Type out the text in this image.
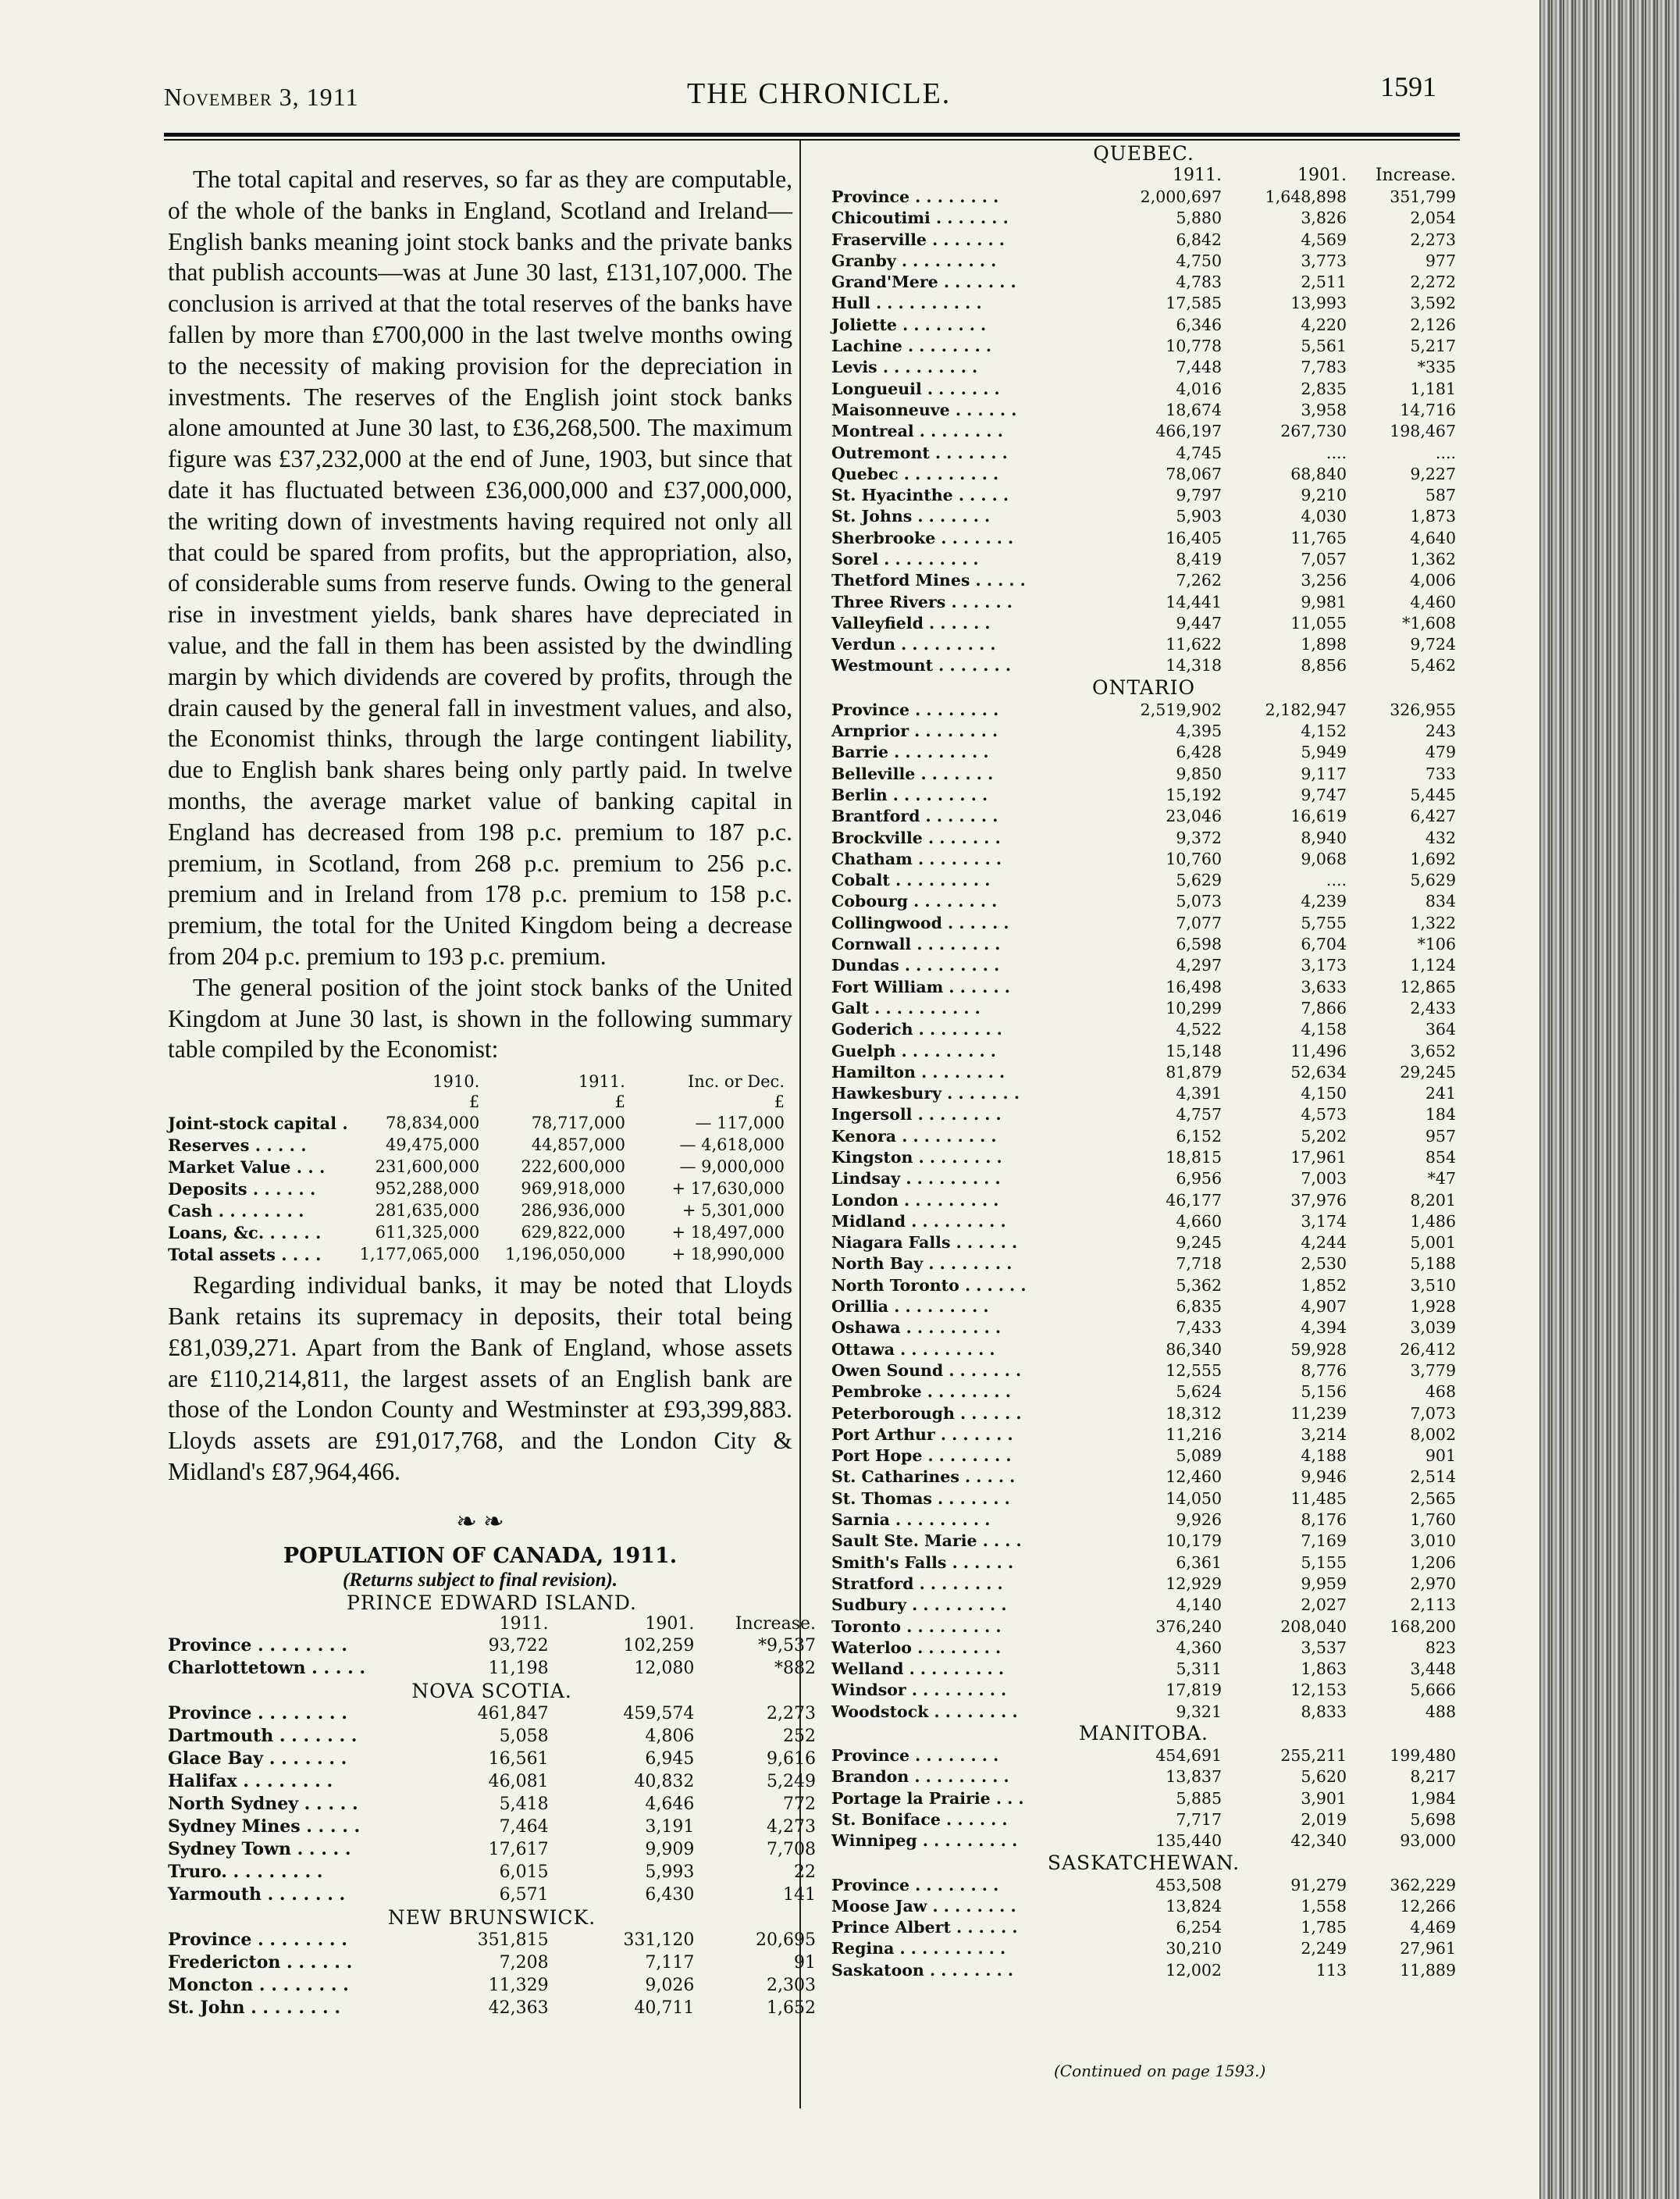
November 3, 1911	THE CHRONICLE.	1591

The total capital and reserves, so far as they are computable, of the whole of the banks in England, Scotland and Ireland—English banks meaning joint stock banks and the private banks that publish accounts—was at June 30 last, £131,107,000. The conclusion is arrived at that the total reserves of the banks have fallen by more than £700,000 in the last twelve months owing to the necessity of making provision for the depreciation in investments. The reserves of the English joint stock banks alone amounted at June 30 last, to £36,268,500. The maximum figure was £37,232,000 at the end of June, 1903, but since that date it has fluctuated between £36,000,000 and £37,000,000, the writing down of investments having required not only all that could be spared from profits, but the appropriation, also, of considerable sums from reserve funds. Owing to the general rise in investment yields, bank shares have depreciated in value, and the fall in them has been assisted by the dwindling margin by which dividends are covered by profits, through the drain caused by the general fall in investment values, and also, the Economist thinks, through the large contingent liability, due to English bank shares being only partly paid. In twelve months, the average market value of banking capital in England has decreased from 198 p.c. premium to 187 p.c. premium, in Scotland, from 268 p.c. premium to 256 p.c. premium and in Ireland from 178 p.c. premium to 158 p.c. premium, the total for the United Kingdom being a decrease from 204 p.c. premium to 193 p.c. premium.

The general position of the joint stock banks of the United Kingdom at June 30 last, is shown in the following summary table compiled by the Economist:

	1910.	1911.	Inc. or Dec.
	£	£	£
Joint-stock capital .	78,834,000	78,717,000	— 117,000
Reserves . . . . .	49,475,000	44,857,000	— 4,618,000
Market Value . . .	231,600,000	222,600,000	— 9,000,000
Deposits . . . . . .	952,288,000	969,918,000	+ 17,630,000
Cash . . . . . . . .	281,635,000	286,936,000	+ 5,301,000
Loans, &c. . . . . .	611,325,000	629,822,000	+ 18,497,000
Total assets . . . .	1,177,065,000	1,196,050,000	+ 18,990,000

Regarding individual banks, it may be noted that Lloyds Bank retains its supremacy in deposits, their total being £81,039,271. Apart from the Bank of England, whose assets are £110,214,811, the largest assets of an English bank are those of the London County and Westminster at £93,399,883. Lloyds assets are £91,017,768, and the London City & Midland's £87,964,466.

❧ ❧

POPULATION OF CANADA, 1911.

(Returns subject to final revision).

PRINCE EDWARD ISLAND.			
	1911.	1901.	Increase.
Province . . . . . . . .	93,722	102,259	*9,537
Charlottetown . . . . .	11,198	12,080	*882
NOVA SCOTIA.			
Province . . . . . . . .	461,847	459,574	2,273
Dartmouth . . . . . . .	5,058	4,806	252
Glace Bay . . . . . . .	16,561	6,945	9,616
Halifax . . . . . . . .	46,081	40,832	5,249
North Sydney . . . . .	5,418	4,646	772
Sydney Mines . . . . .	7,464	3,191	4,273
Sydney Town . . . . .	17,617	9,909	7,708
Truro. . . . . . . . .	6,015	5,993	22
Yarmouth . . . . . . .	6,571	6,430	141
NEW BRUNSWICK.			
Province . . . . . . . .	351,815	331,120	20,695
Fredericton . . . . . .	7,208	7,117	91
Moncton . . . . . . . .	11,329	9,026	2,303
St. John . . . . . . . .	42,363	40,711	1,652
QUEBEC.			
	1911.	1901.	Increase.
Province . . . . . . . .	2,000,697	1,648,898	351,799
Chicoutimi . . . . . . .	5,880	3,826	2,054
Fraserville . . . . . . .	6,842	4,569	2,273
Granby . . . . . . . . .	4,750	3,773	977
Grand'Mere . . . . . . .	4,783	2,511	2,272
Hull . . . . . . . . . .	17,585	13,993	3,592
Joliette . . . . . . . .	6,346	4,220	2,126
Lachine . . . . . . . .	10,778	5,561	5,217
Levis . . . . . . . . .	7,448	7,783	*335
Longueuil . . . . . . .	4,016	2,835	1,181
Maisonneuve . . . . . .	18,674	3,958	14,716
Montreal . . . . . . . .	466,197	267,730	198,467
Outremont . . . . . . .	4,745	....	....
Quebec . . . . . . . . .	78,067	68,840	9,227
St. Hyacinthe . . . . .	9,797	9,210	587
St. Johns . . . . . . .	5,903	4,030	1,873
Sherbrooke . . . . . . .	16,405	11,765	4,640
Sorel . . . . . . . . .	8,419	7,057	1,362
Thetford Mines . . . . .	7,262	3,256	4,006
Three Rivers . . . . . .	14,441	9,981	4,460
Valleyfield . . . . . .	9,447	11,055	*1,608
Verdun . . . . . . . . .	11,622	1,898	9,724
Westmount . . . . . . .	14,318	8,856	5,462
ONTARIO			
Province . . . . . . . .	2,519,902	2,182,947	326,955
Arnprior . . . . . . . .	4,395	4,152	243
Barrie . . . . . . . . .	6,428	5,949	479
Belleville . . . . . . .	9,850	9,117	733
Berlin . . . . . . . . .	15,192	9,747	5,445
Brantford . . . . . . .	23,046	16,619	6,427
Brockville . . . . . . .	9,372	8,940	432
Chatham . . . . . . . .	10,760	9,068	1,692
Cobalt . . . . . . . . .	5,629	....	5,629
Cobourg . . . . . . . .	5,073	4,239	834
Collingwood . . . . . .	7,077	5,755	1,322
Cornwall . . . . . . . .	6,598	6,704	*106
Dundas . . . . . . . . .	4,297	3,173	1,124
Fort William . . . . . .	16,498	3,633	12,865
Galt . . . . . . . . . .	10,299	7,866	2,433
Goderich . . . . . . . .	4,522	4,158	364
Guelph . . . . . . . . .	15,148	11,496	3,652
Hamilton . . . . . . . .	81,879	52,634	29,245
Hawkesbury . . . . . . .	4,391	4,150	241
Ingersoll . . . . . . . .	4,757	4,573	184
Kenora . . . . . . . . .	6,152	5,202	957
Kingston . . . . . . . .	18,815	17,961	854
Lindsay . . . . . . . . .	6,956	7,003	*47
London . . . . . . . . .	46,177	37,976	8,201
Midland . . . . . . . . .	4,660	3,174	1,486
Niagara Falls . . . . . .	9,245	4,244	5,001
North Bay . . . . . . . .	7,718	2,530	5,188
North Toronto . . . . . .	5,362	1,852	3,510
Orillia . . . . . . . . .	6,835	4,907	1,928
Oshawa . . . . . . . . .	7,433	4,394	3,039
Ottawa . . . . . . . . .	86,340	59,928	26,412
Owen Sound . . . . . . .	12,555	8,776	3,779
Pembroke . . . . . . . .	5,624	5,156	468
Peterborough . . . . . .	18,312	11,239	7,073
Port Arthur . . . . . . .	11,216	3,214	8,002
Port Hope . . . . . . . .	5,089	4,188	901
St. Catharines . . . . .	12,460	9,946	2,514
St. Thomas . . . . . . .	14,050	11,485	2,565
Sarnia . . . . . . . . .	9,926	8,176	1,760
Sault Ste. Marie . . . .	10,179	7,169	3,010
Smith's Falls . . . . . .	6,361	5,155	1,206
Stratford . . . . . . . .	12,929	9,959	2,970
Sudbury . . . . . . . . .	4,140	2,027	2,113
Toronto . . . . . . . . .	376,240	208,040	168,200
Waterloo . . . . . . . .	4,360	3,537	823
Welland . . . . . . . . .	5,311	1,863	3,448
Windsor . . . . . . . . .	17,819	12,153	5,666
Woodstock . . . . . . . .	9,321	8,833	488
MANITOBA.			
Province . . . . . . . .	454,691	255,211	199,480
Brandon . . . . . . . . .	13,837	5,620	8,217
Portage la Prairie . . .	5,885	3,901	1,984
St. Boniface . . . . . .	7,717	2,019	5,698
Winnipeg . . . . . . . . .	135,440	42,340	93,000
SASKATCHEWAN.			
Province . . . . . . . .	453,508	91,279	362,229
Moose Jaw . . . . . . . .	13,824	1,558	12,266
Prince Albert . . . . . .	6,254	1,785	4,469
Regina . . . . . . . . . .	30,210	2,249	27,961
Saskatoon . . . . . . . .	12,002	113	11,889
(Continued on page 1593.)
